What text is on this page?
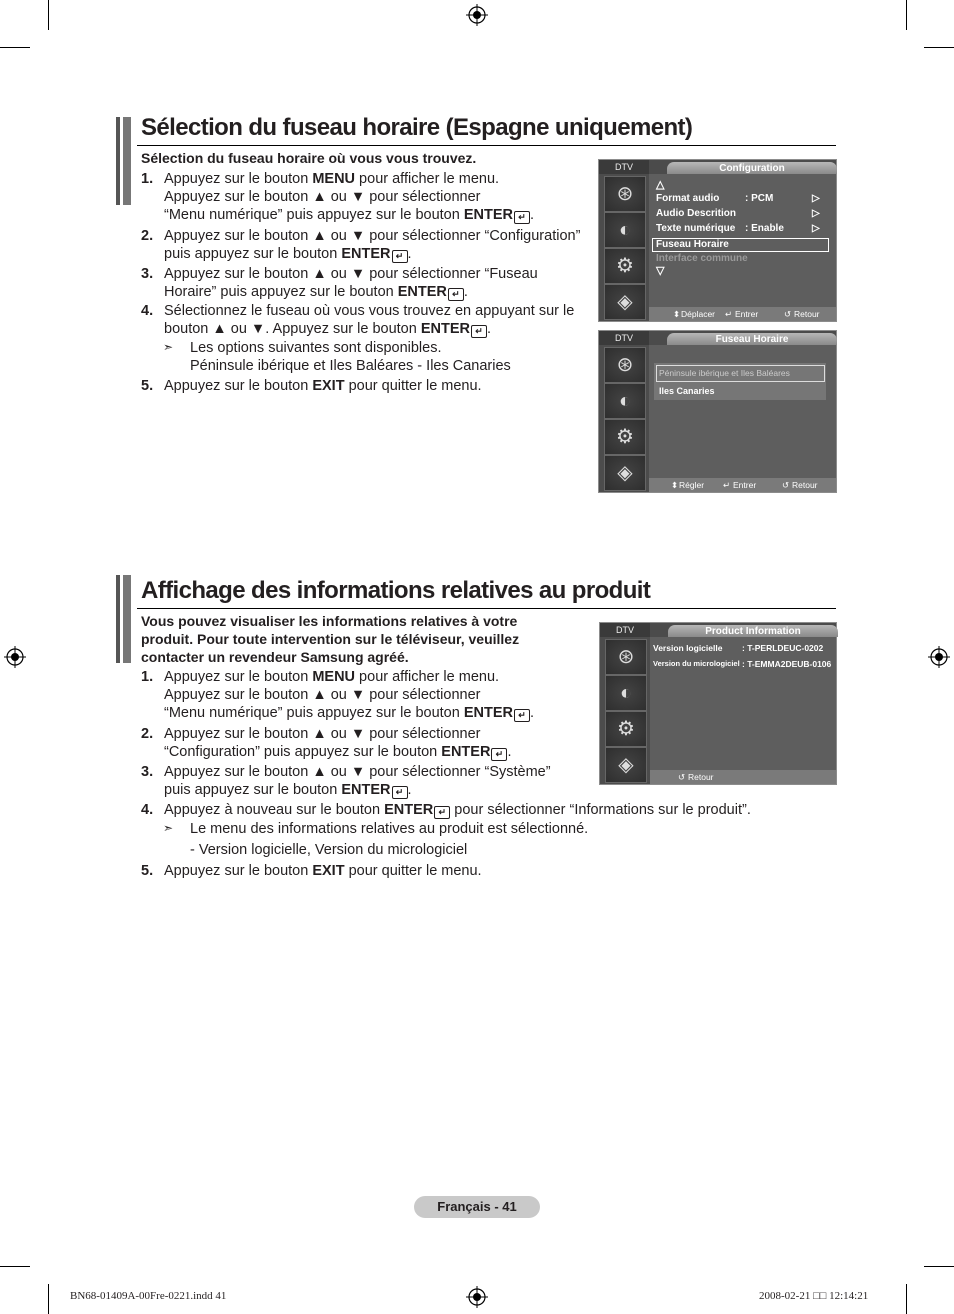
Sélection du fuseau horaire (Espagne uniquement)
Sélection du fuseau horaire où vous vous trouvez.
1. Appuyez sur le bouton MENU pour afficher le menu.
Appuyez sur le bouton ▲ ou ▼ pour sélectionner
“Menu numérique” puis appuyez sur le bouton ENTER ↵ .
2. Appuyez sur le bouton ▲ ou ▼ pour sélectionner “Configuration”
puis appuyez sur le bouton ENTER ↵ .
3. Appuyez sur le bouton ▲ ou ▼ pour sélectionner “Fuseau
Horaire” puis appuyez sur le bouton ENTER ↵ .
4. Sélectionnez le fuseau où vous vous trouvez en appuyant sur le
bouton ▲ ou ▼. Appuyez sur le bouton ENTER ↵ .
➣ Les options suivantes sont disponibles.
Péninsule ibérique et Iles Baléares - Iles Canaries
5. Appuyez sur le bouton EXIT pour quitter le menu.
DTV	Configuration
⊛
◐
⚙
◈
△
Format audio	: PCM	▷
Audio Descrition	▷
Texte numérique : Enable	▷
Fuseau Horaire
Interface commune
▽
⬍ Déplacer ↵ Entrer	↺ Retour
DTV	Fuseau Horaire
⊛
◐
⚙
◈
Péninsule ibérique et Iles Baléares
Iles Canaries
⬍ Régler ↵ Entrer	↺ Retour
Affichage des informations relatives au produit
Vous pouvez visualiser les informations relatives à votre
produit. Pour toute intervention sur le téléviseur, veuillez
contacter un revendeur Samsung agréé.
1. Appuyez sur le bouton MENU pour afficher le menu.
Appuyez sur le bouton ▲ ou ▼ pour sélectionner
“Menu numérique” puis appuyez sur le bouton ENTER ↵ .
2. Appuyez sur le bouton ▲ ou ▼ pour sélectionner
“Configuration” puis appuyez sur le bouton ENTER ↵ .
3. Appuyez sur le bouton ▲ ou ▼ pour sélectionner “Système”
puis appuyez sur le bouton ENTER ↵ .
4. Appuyez à nouveau sur le bouton ENTER ↵ pour sélectionner “Informations sur le produit”.
➣ Le menu des informations relatives au produit est sélectionné.
- Version logicielle, Version du micrologiciel
5. Appuyez sur le bouton EXIT pour quitter le menu.
DTV	Product Information
⊛
◐
⚙
◈
Version logicielle : T-PERLDEUC-0202
Version du micrologiciel : T-EMMA2DEUB-0106
↺ Retour
Français - 41
BN68-01409A-00Fre-0221.indd 41	2008-02-21 □□ 12:14:21
